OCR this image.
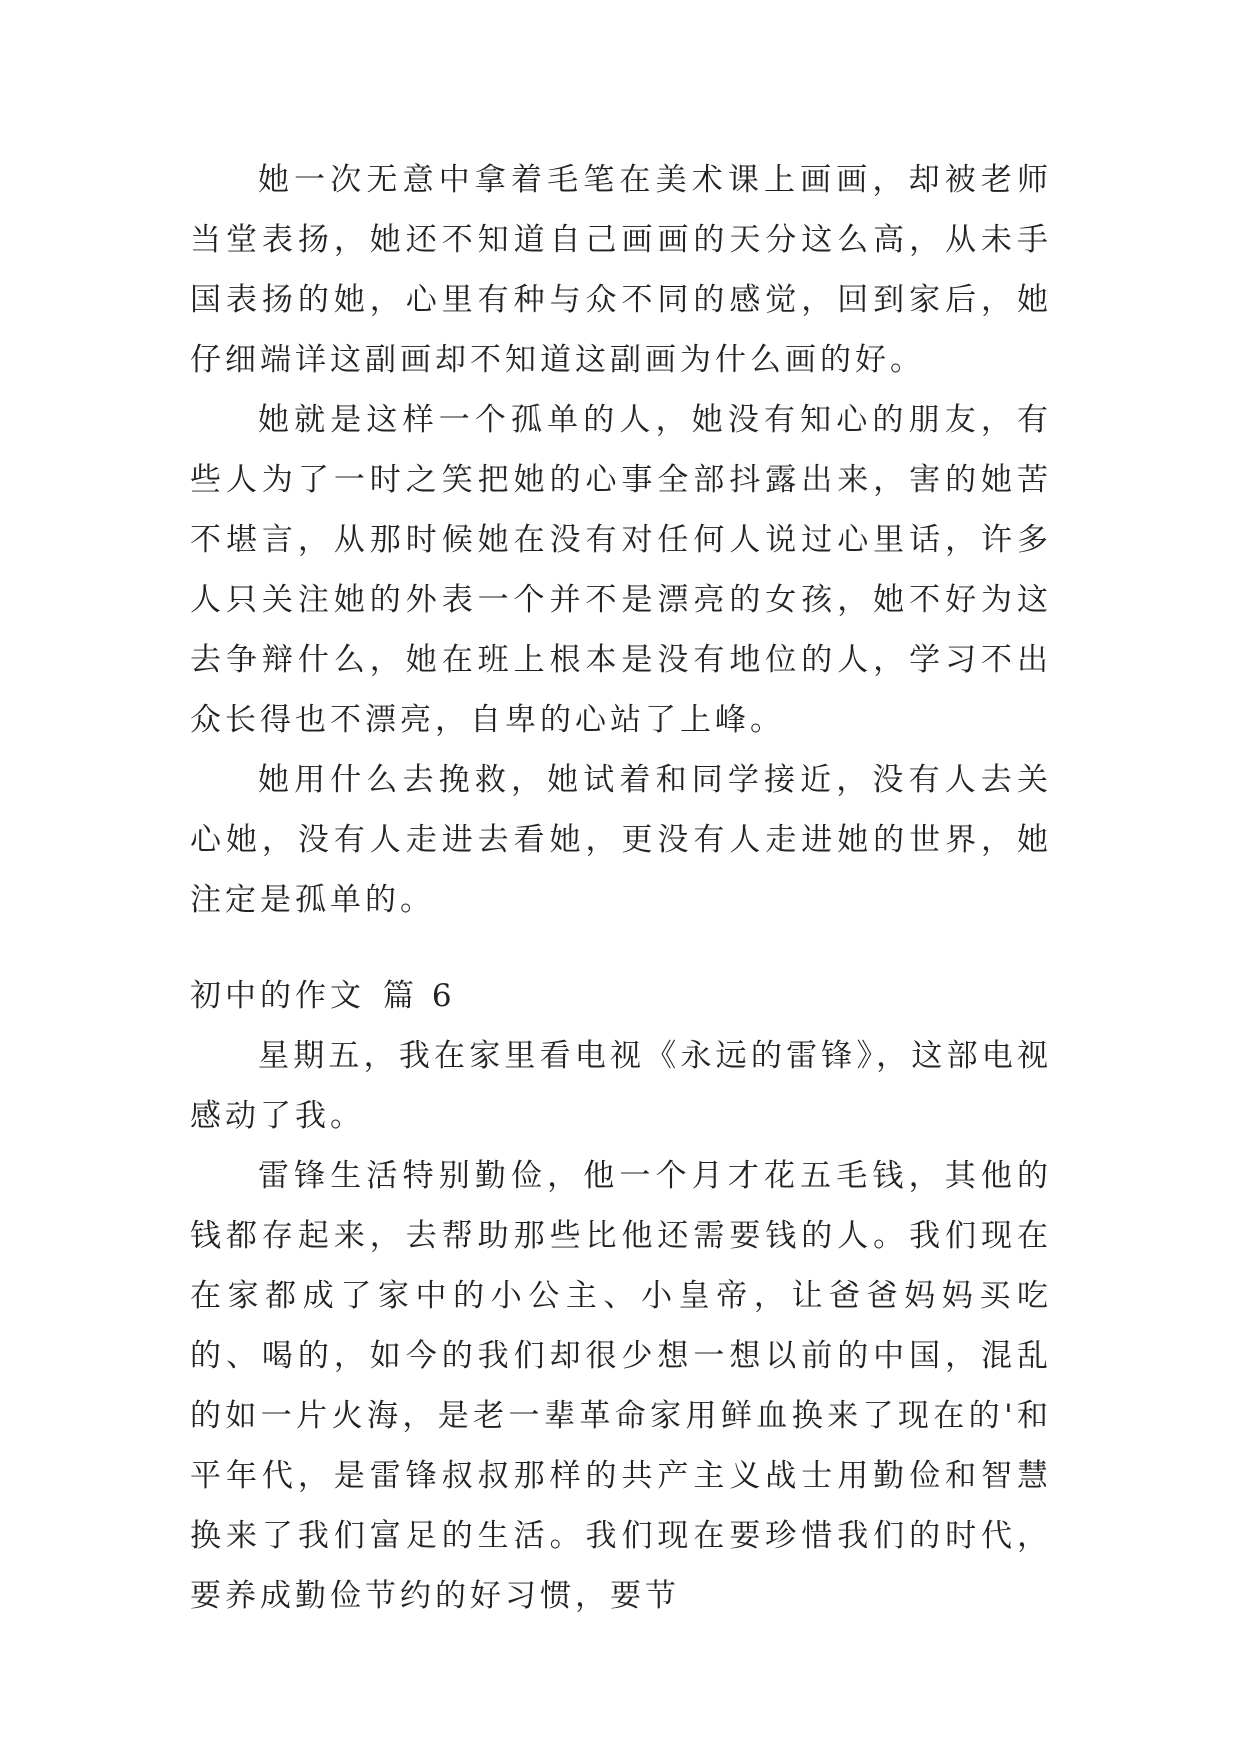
她一次无意中拿着毛笔在美术课上画画，却被老师当堂表扬，她还不知道自己画画的天分这么高，从未手国表扬的她，心里有种与众不同的感觉，回到家后，她仔细端详这副画却不知道这副画为什么画的好。

她就是这样一个孤单的人，她没有知心的朋友，有些人为了一时之笑把她的心事全部抖露出来，害的她苦不堪言，从那时候她在没有对任何人说过心里话，许多人只关注她的外表一个并不是漂亮的女孩，她不好为这去争辩什么，她在班上根本是没有地位的人，学习不出众长得也不漂亮，自卑的心站了上峰。

她用什么去挽救，她试着和同学接近，没有人去关心她，没有人走进去看她，更没有人走进她的世界，她注定是孤单的。

初中的作文 篇 6

星期五，我在家里看电视《永远的雷锋》，这部电视感动了我。

雷锋生活特别勤俭，他一个月才花五毛钱，其他的钱都存起来，去帮助那些比他还需要钱的人。我们现在在家都成了家中的小公主、小皇帝，让爸爸妈妈买吃的、喝的，如今的我们却很少想一想以前的中国，混乱的如一片火海，是老一辈革命家用鲜血换来了现在的'和平年代，是雷锋叔叔那样的共产主义战士用勤俭和智慧换来了我们富足的生活。我们现在要珍惜我们的时代，要养成勤俭节约的好习惯，要节
